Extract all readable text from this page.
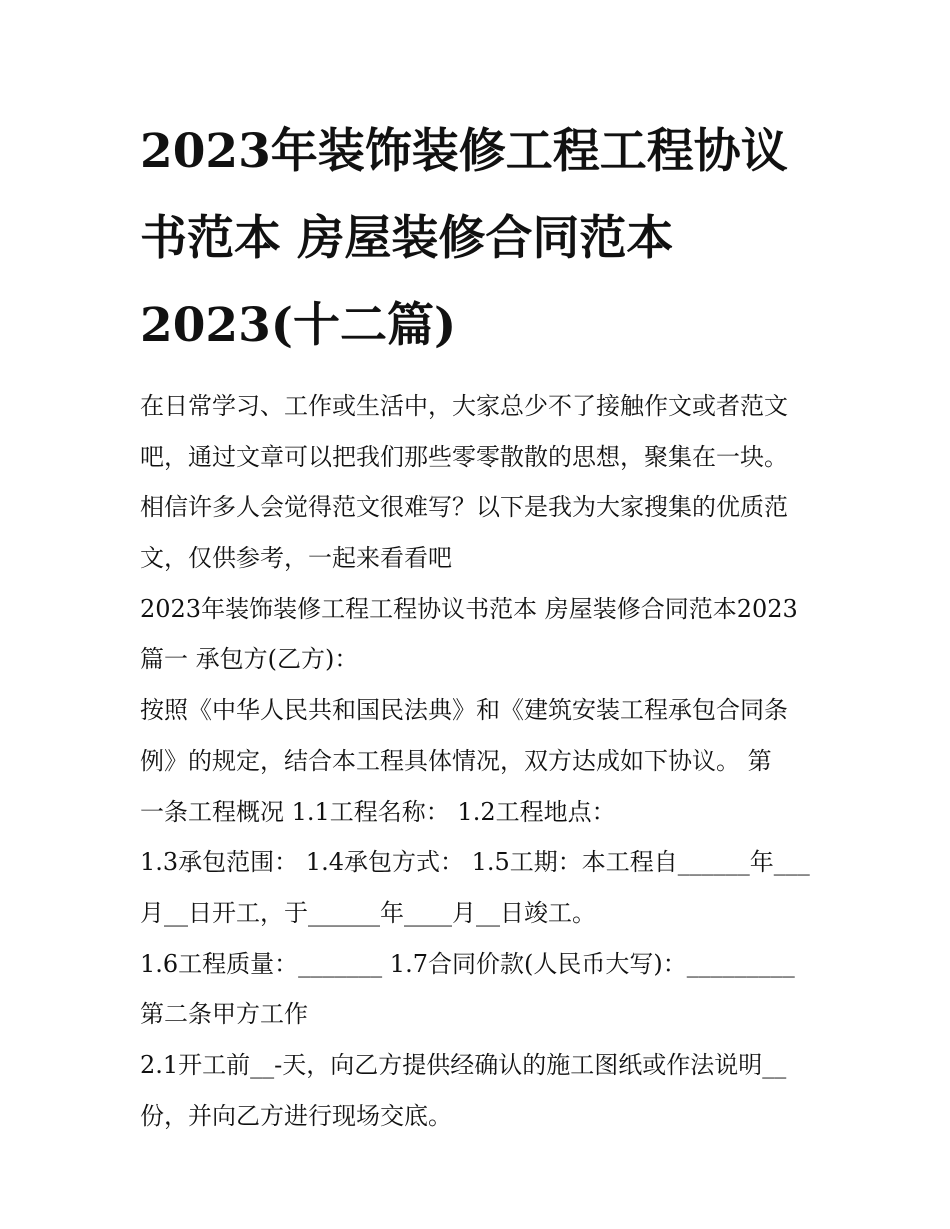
2023年装饰装修工程工程协议
书范本 房屋装修合同范本
2023(十二篇)
在日常学习、工作或生活中，大家总少不了接触作文或者范文
吧，通过文章可以把我们那些零零散散的思想，聚集在一块。
相信许多人会觉得范文很难写？以下是我为大家搜集的优质范
文，仅供参考，一起来看看吧
2023年装饰装修工程工程协议书范本 房屋装修合同范本2023
篇一 承包方(乙方)：
按照《中华人民共和国民法典》和《建筑安装工程承包合同条
例》的规定，结合本工程具体情况，双方达成如下协议。 第
一条工程概况 1.1工程名称： 1.2工程地点：
1.3承包范围： 1.4承包方式： 1.5工期：本工程自______年___
月__日开工，于______年____月__日竣工。
1.6工程质量：_______ 1.7合同价款(人民币大写)：_________
第二条甲方工作
2.1开工前__-天，向乙方提供经确认的施工图纸或作法说明__
份，并向乙方进行现场交底。
